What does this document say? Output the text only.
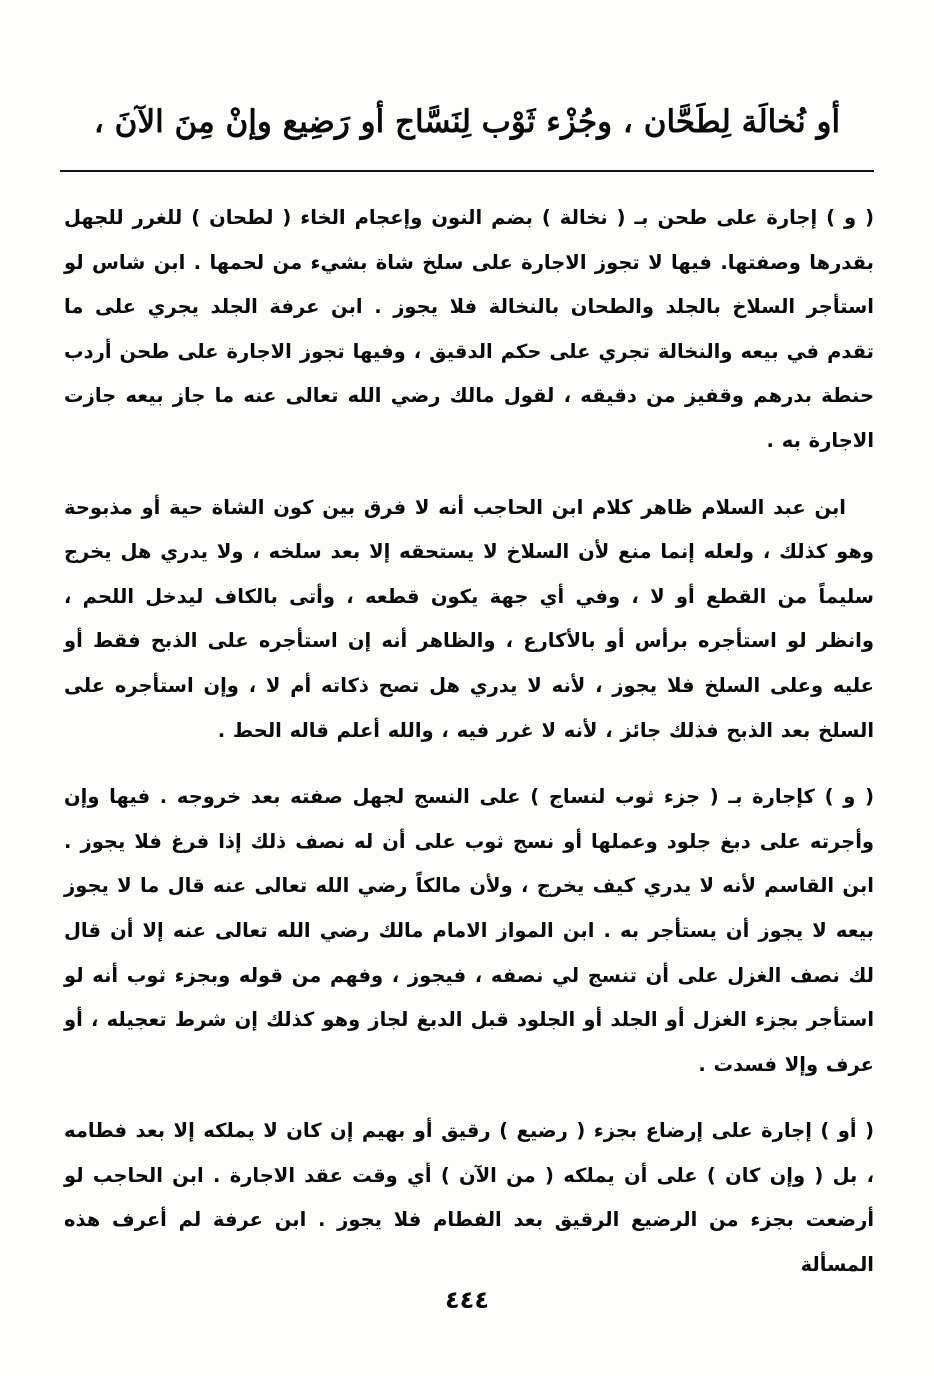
أو نُخالَة لِطَحَّان ، وجُزْء ثَوْب لِنَسَّاج أو رَضِيع وإنْ مِنَ الآنَ ،

( و ) إجارة على طحن بـ ( نخالة ) بضم النون وإعجام الخاء ( لطحان ) للغرر للجهل بقدرها وصفتها. فيها لا تجوز الاجارة على سلخ شاة بشيء من لحمها . ابن شاس لو استأجر السلاخ بالجلد والطحان بالنخالة فلا يجوز . ابن عرفة الجلد يجري على ما تقدم في بيعه والنخالة تجري على حكم الدقيق ، وفيها تجوز الاجارة على طحن أردب حنطة بدرهم وقفيز من دقيقه ، لقول مالك رضي الله تعالى عنه ما جاز بيعه جازت الاجارة به .

ابن عبد السلام ظاهر كلام ابن الحاجب أنه لا فرق بين كون الشاة حية أو مذبوحة وهو كذلك ، ولعله إنما منع لأن السلاخ لا يستحقه إلا بعد سلخه ، ولا يدري هل يخرج سليماً من القطع أو لا ، وفي أي جهة يكون قطعه ، وأتى بالكاف ليدخل اللحم ، وانظر لو استأجره برأس أو بالأكارع ، والظاهر أنه إن استأجره على الذبح فقط أو عليه وعلى السلخ فلا يجوز ، لأنه لا يدري هل تصح ذكاته أم لا ، وإن استأجره على السلخ بعد الذبح فذلك جائز ، لأنه لا غرر فيه ، والله أعلم قاله الحط .

( و ) كإجارة بـ ( جزء ثوب لنساج ) على النسج لجهل صفته بعد خروجه . فيها وإن وأجرته على دبغ جلود وعملها أو نسج ثوب على أن له نصف ذلك إذا فرغ فلا يجوز . ابن القاسم لأنه لا يدري كيف يخرج ، ولأن مالكاً رضي الله تعالى عنه قال ما لا يجوز بيعه لا يجوز أن يستأجر به . ابن المواز الامام مالك رضي الله تعالى عنه إلا أن قال لك نصف الغزل على أن تنسج لي نصفه ، فيجوز ، وفهم من قوله وبجزء ثوب أنه لو استأجر بجزء الغزل أو الجلد أو الجلود قبل الدبغ لجاز وهو كذلك إن شرط تعجيله ، أو عرف وإلا فسدت .

( أو ) إجارة على إرضاع بجزء ( رضيع ) رقيق أو بهيم إن كان لا يملكه إلا بعد فطامه ، بل ( وإن كان ) على أن يملكه ( من الآن ) أي وقت عقد الاجارة . ابن الحاجب لو أرضعت بجزء من الرضيع الرقيق بعد الفطام فلا يجوز . ابن عرفة لم أعرف هذه المسألة

٤٤٤
